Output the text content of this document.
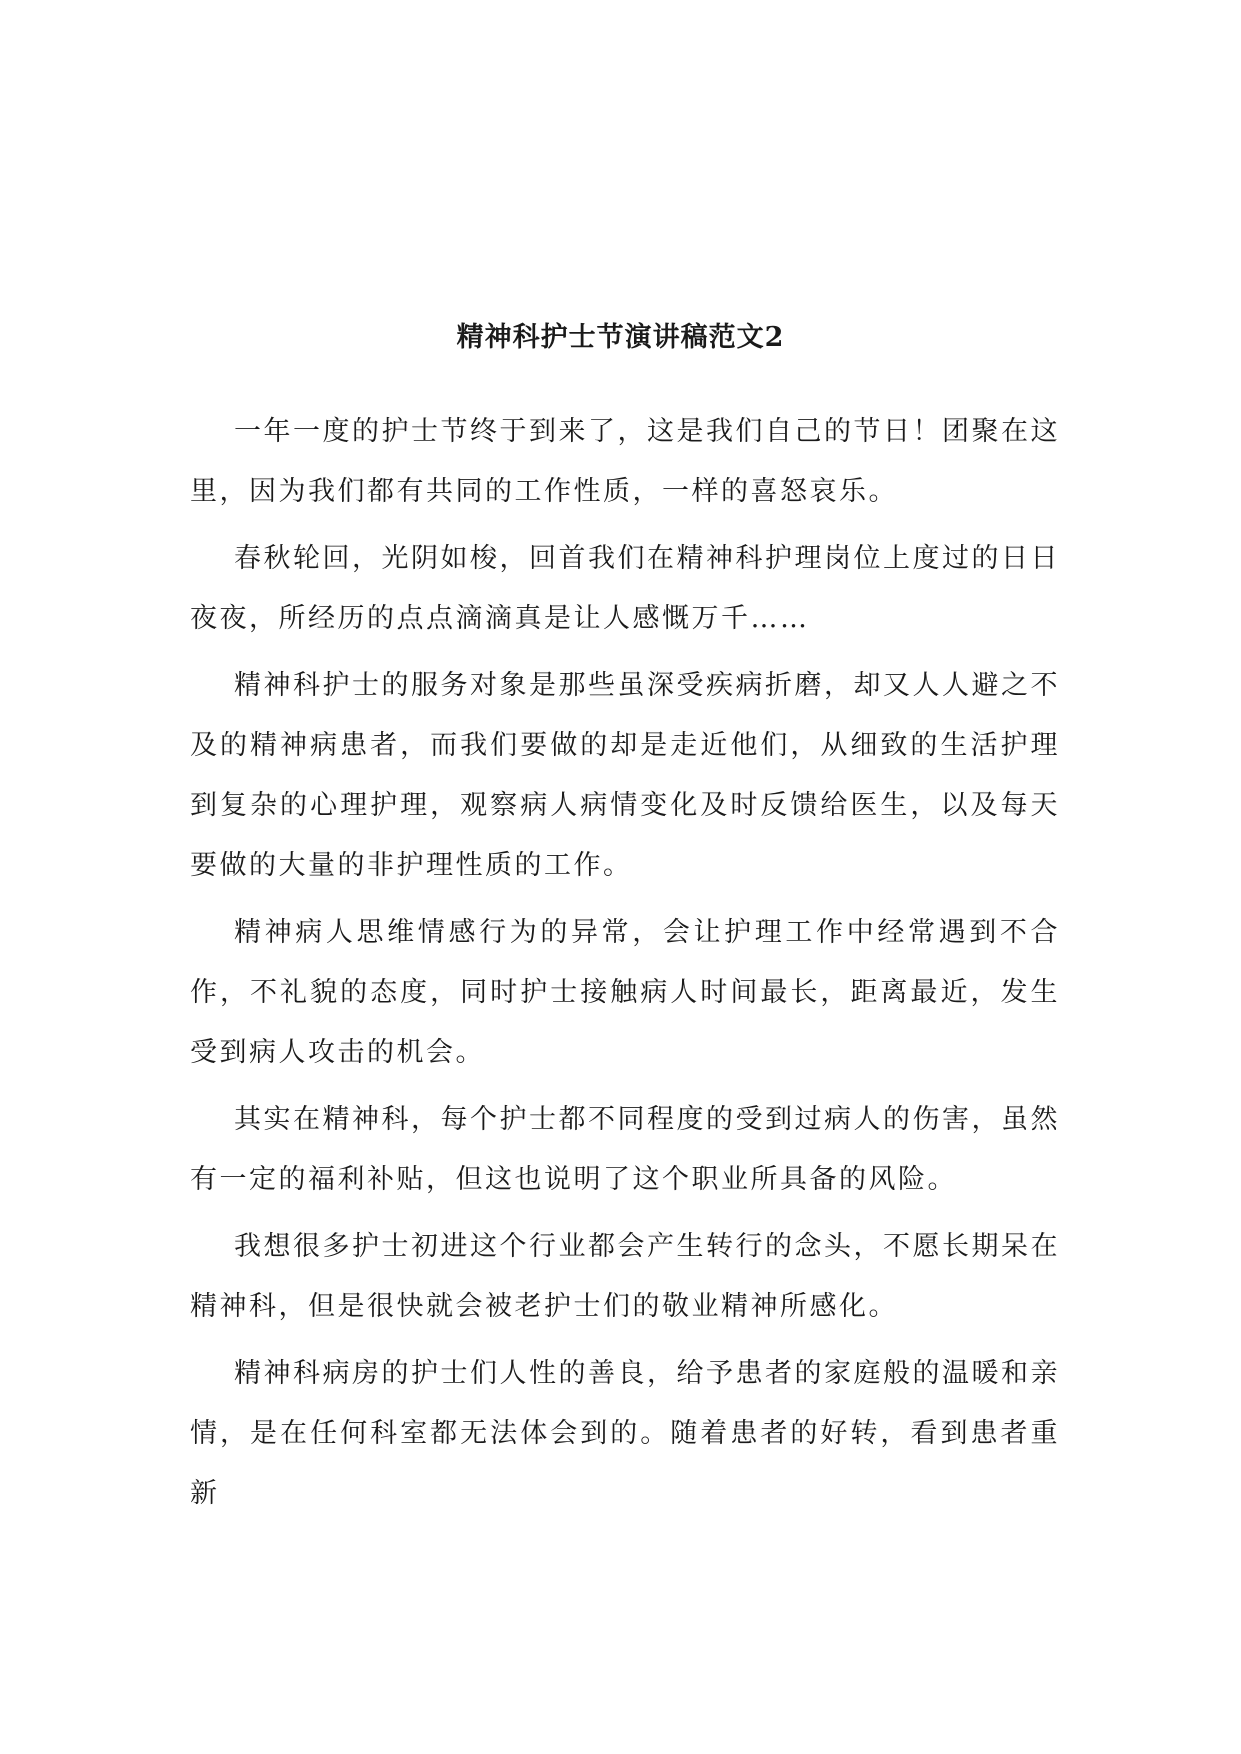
精神科护士节演讲稿范文2

一年一度的护士节终于到来了，这是我们自己的节日！团聚在这里，因为我们都有共同的工作性质，一样的喜怒哀乐。

春秋轮回，光阴如梭，回首我们在精神科护理岗位上度过的日日夜夜，所经历的点点滴滴真是让人感慨万千……

精神科护士的服务对象是那些虽深受疾病折磨，却又人人避之不及的精神病患者，而我们要做的却是走近他们，从细致的生活护理到复杂的心理护理，观察病人病情变化及时反馈给医生，以及每天要做的大量的非护理性质的工作。

精神病人思维情感行为的异常，会让护理工作中经常遇到不合作，不礼貌的态度，同时护士接触病人时间最长，距离最近，发生受到病人攻击的机会。

其实在精神科，每个护士都不同程度的受到过病人的伤害，虽然有一定的福利补贴，但这也说明了这个职业所具备的风险。

我想很多护士初进这个行业都会产生转行的念头，不愿长期呆在精神科，但是很快就会被老护士们的敬业精神所感化。

精神科病房的护士们人性的善良，给予患者的家庭般的温暖和亲情，是在任何科室都无法体会到的。随着患者的好转，看到患者重新
